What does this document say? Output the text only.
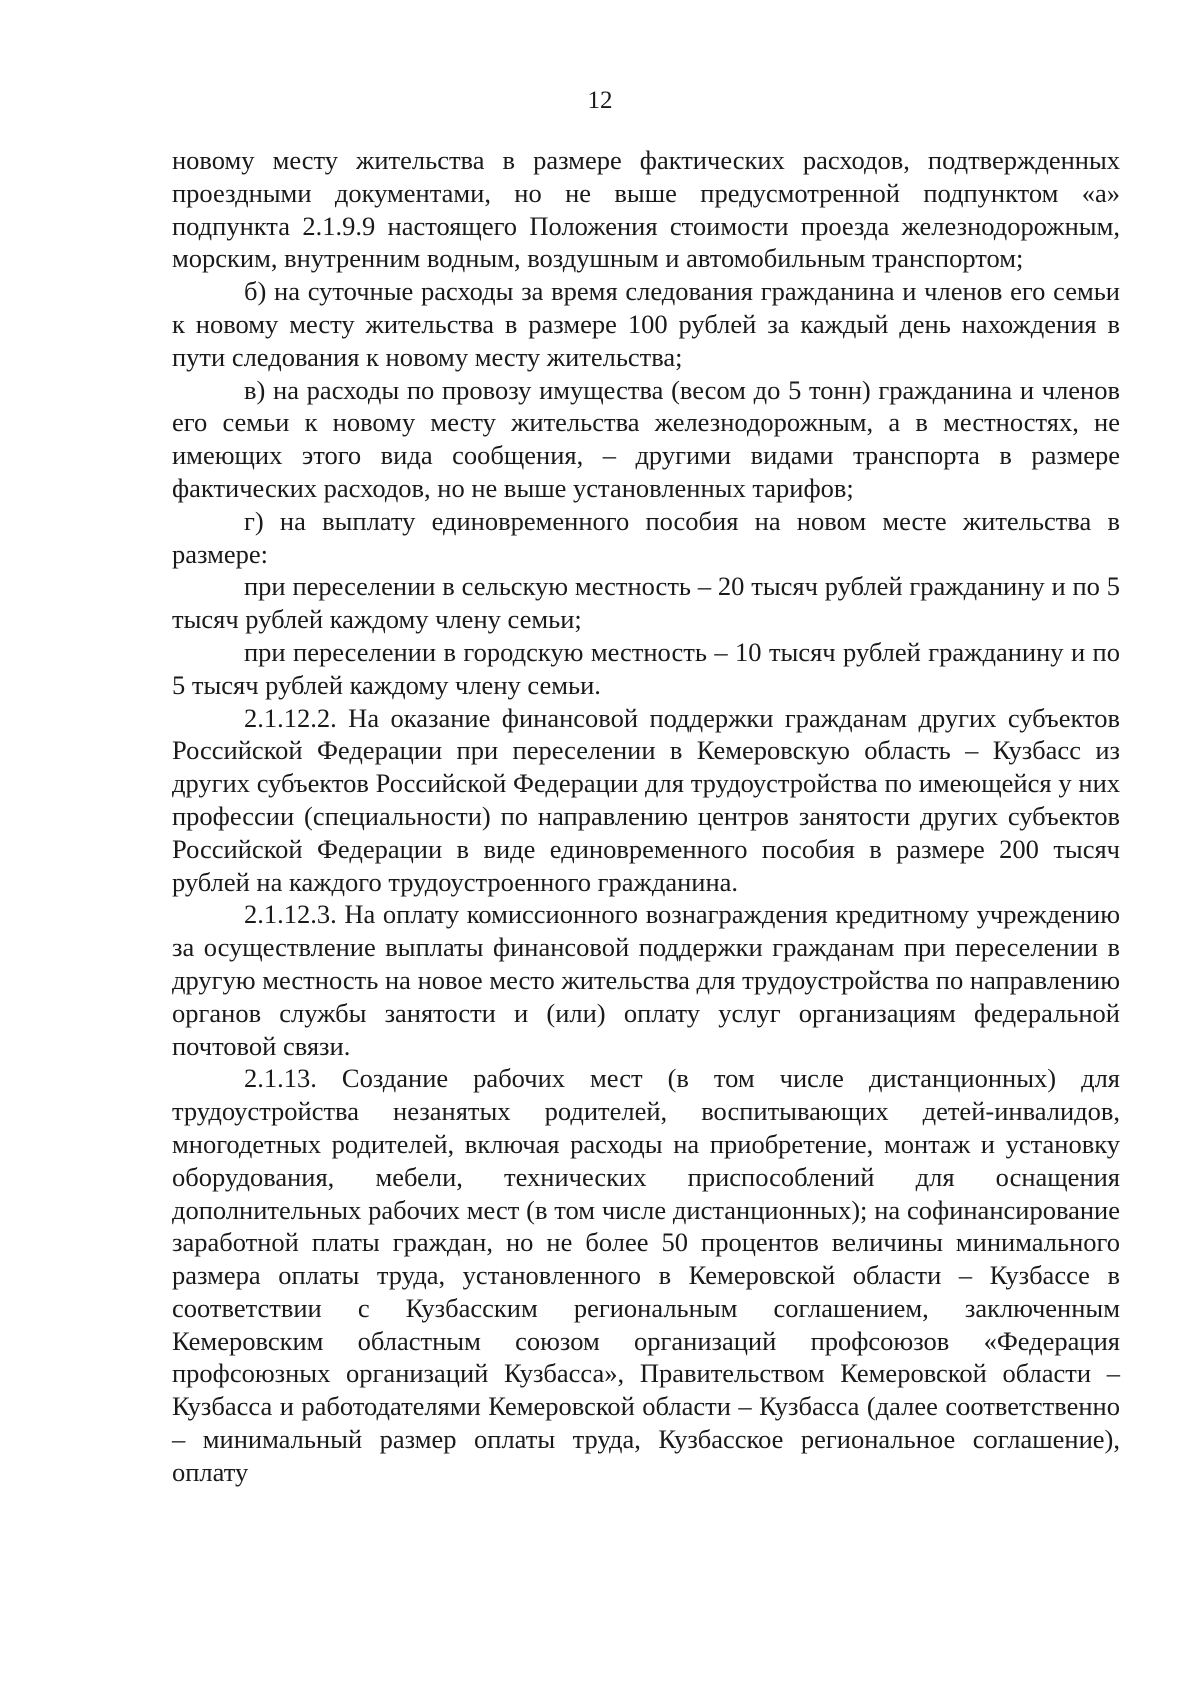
12

новому месту жительства в размере фактических расходов, подтвержденных проездными документами, но не выше предусмотренной подпунктом «а» подпункта 2.1.9.9 настоящего Положения стоимости проезда железнодорожным, морским, внутренним водным, воздушным и автомобильным транспортом;

б) на суточные расходы за время следования гражданина и членов его семьи к новому месту жительства в размере 100 рублей за каждый день нахождения в пути следования к новому месту жительства;

в) на расходы по провозу имущества (весом до 5 тонн) гражданина и членов его семьи к новому месту жительства железнодорожным, а в местностях, не имеющих этого вида сообщения, – другими видами транспорта в размере фактических расходов, но не выше установленных тарифов;

г) на выплату единовременного пособия на новом месте жительства в размере:

при переселении в сельскую местность – 20 тысяч рублей гражданину и по 5 тысяч рублей каждому члену семьи;

при переселении в городскую местность – 10 тысяч рублей гражданину и по 5 тысяч рублей каждому члену семьи.

2.1.12.2. На оказание финансовой поддержки гражданам других субъектов Российской Федерации при переселении в Кемеровскую область – Кузбасс из других субъектов Российской Федерации для трудоустройства по имеющейся у них профессии (специальности) по направлению центров занятости других субъектов Российской Федерации в виде единовременного пособия в размере 200 тысяч рублей на каждого трудоустроенного гражданина.

2.1.12.3. На оплату комиссионного вознаграждения кредитному учреждению за осуществление выплаты финансовой поддержки гражданам при переселении в другую местность на новое место жительства для трудоустройства по направлению органов службы занятости и (или) оплату услуг организациям федеральной почтовой связи.

2.1.13. Создание рабочих мест (в том числе дистанционных) для трудоустройства незанятых родителей, воспитывающих детей-инвалидов, многодетных родителей, включая расходы на приобретение, монтаж и установку оборудования, мебели, технических приспособлений для оснащения дополнительных рабочих мест (в том числе дистанционных); на софинансирование заработной платы граждан, но не более 50 процентов величины минимального размера оплаты труда, установленного в Кемеровской области – Кузбассе в соответствии с Кузбасским региональным соглашением, заключенным Кемеровским областным союзом организаций профсоюзов «Федерация профсоюзных организаций Кузбасса», Правительством Кемеровской области – Кузбасса и работодателями Кемеровской области – Кузбасса (далее соответственно – минимальный размер оплаты труда, Кузбасское региональное соглашение), оплату
